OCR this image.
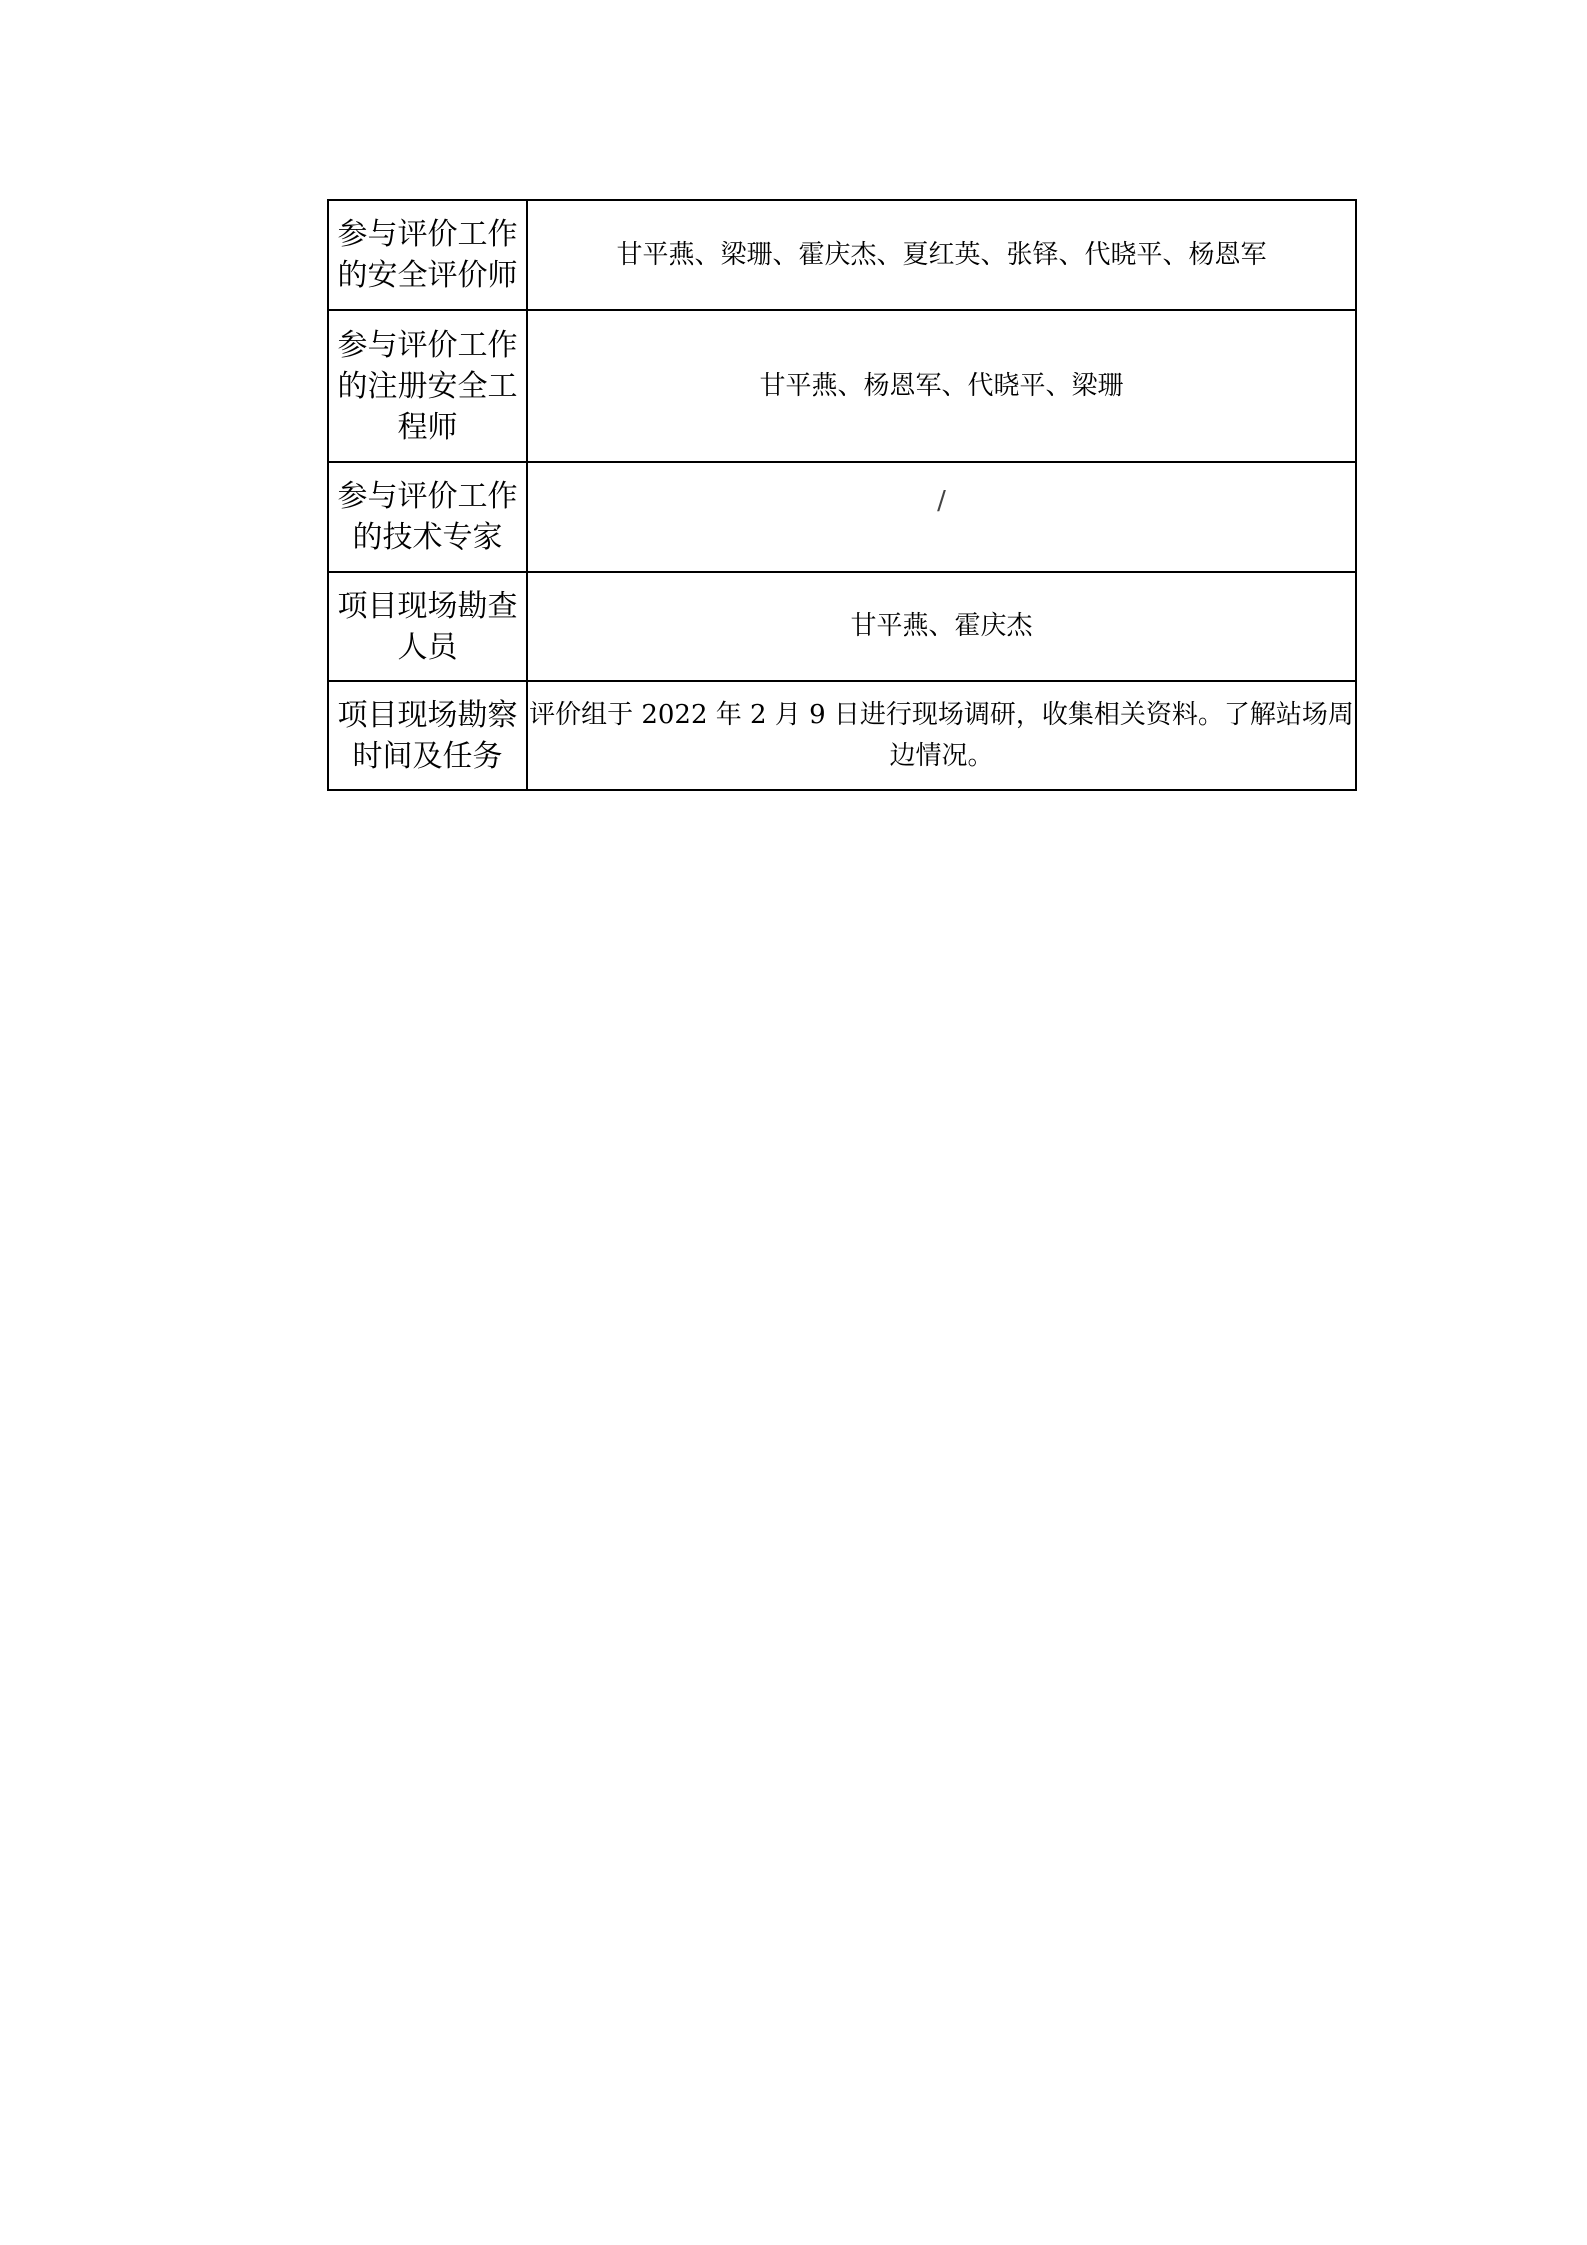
参与评价工作的安全评价师	甘平燕、梁珊、霍庆杰、夏红英、张铎、代晓平、杨恩军
参与评价工作的注册安全工程师	甘平燕、杨恩军、代晓平、梁珊
参与评价工作的技术专家	/
项目现场勘查人员	甘平燕、霍庆杰
项目现场勘察时间及任务	评价组于 2022 年 2 月 9 日进行现场调研，收集相关资料。了解站场周边情况。
